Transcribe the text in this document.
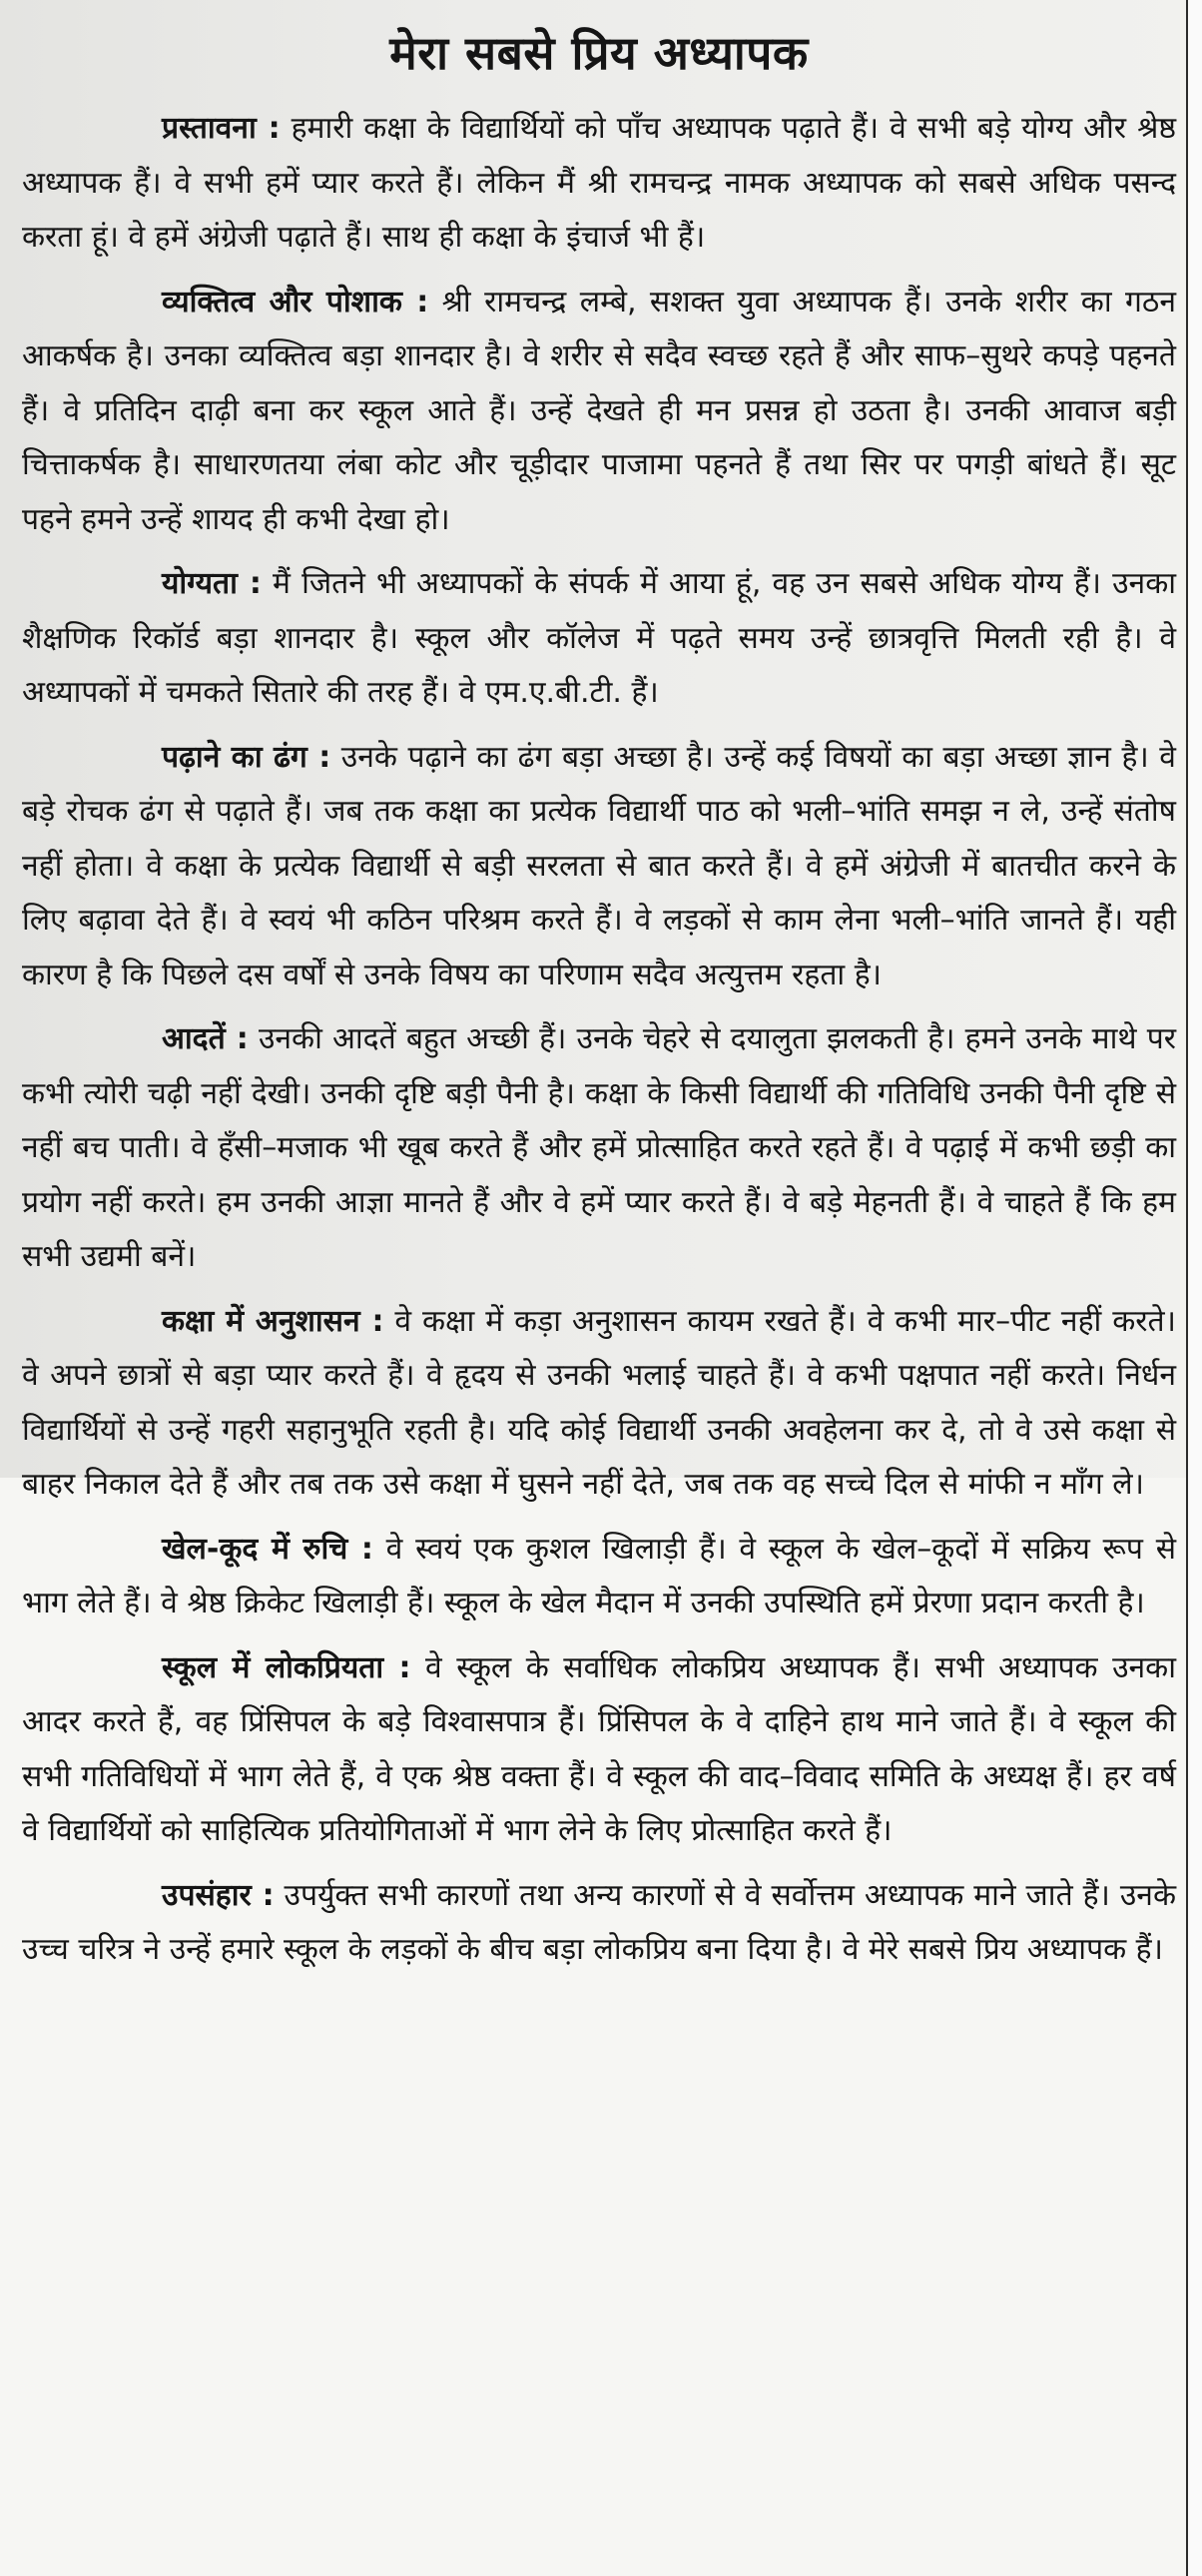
मेरा सबसे प्रिय अध्यापक

प्रस्तावना : हमारी कक्षा के विद्यार्थियों को पाँच अध्यापक पढ़ाते हैं। वे सभी बड़े योग्य और श्रेष्ठ अध्यापक हैं। वे सभी हमें प्यार करते हैं। लेकिन मैं श्री रामचन्द्र नामक अध्यापक को सबसे अधिक पसन्द करता हूं। वे हमें अंग्रेजी पढ़ाते हैं। साथ ही कक्षा के इंचार्ज भी हैं।

व्यक्तित्व और पोशाक : श्री रामचन्द्र लम्बे, सशक्त युवा अध्यापक हैं। उनके शरीर का गठन आकर्षक है। उनका व्यक्तित्व बड़ा शानदार है। वे शरीर से सदैव स्वच्छ रहते हैं और साफ–सुथरे कपड़े पहनते हैं। वे प्रतिदिन दाढ़ी बना कर स्कूल आते हैं। उन्हें देखते ही मन प्रसन्न हो उठता है। उनकी आवाज बड़ी चित्ताकर्षक है। साधारणतया लंबा कोट और चूड़ीदार पाजामा पहनते हैं तथा सिर पर पगड़ी बांधते हैं। सूट पहने हमने उन्हें शायद ही कभी देखा हो।

योग्यता : मैं जितने भी अध्यापकों के संपर्क में आया हूं, वह उन सबसे अधिक योग्य हैं। उनका शैक्षणिक रिकॉर्ड बड़ा शानदार है। स्कूल और कॉलेज में पढ़ते समय उन्हें छात्रवृत्ति मिलती रही है। वे अध्यापकों में चमकते सितारे की तरह हैं। वे एम.ए.बी.टी. हैं।

पढ़ाने का ढंग : उनके पढ़ाने का ढंग बड़ा अच्छा है। उन्हें कई विषयों का बड़ा अच्छा ज्ञान है। वे बड़े रोचक ढंग से पढ़ाते हैं। जब तक कक्षा का प्रत्येक विद्यार्थी पाठ को भली–भांति समझ न ले, उन्हें संतोष नहीं होता। वे कक्षा के प्रत्येक विद्यार्थी से बड़ी सरलता से बात करते हैं। वे हमें अंग्रेजी में बातचीत करने के लिए बढ़ावा देते हैं। वे स्वयं भी कठिन परिश्रम करते हैं। वे लड़कों से काम लेना भली–भांति जानते हैं। यही कारण है कि पिछले दस वर्षों से उनके विषय का परिणाम सदैव अत्युत्तम रहता है।

आदतें : उनकी आदतें बहुत अच्छी हैं। उनके चेहरे से दयालुता झलकती है। हमने उनके माथे पर कभी त्योरी चढ़ी नहीं देखी। उनकी दृष्टि बड़ी पैनी है। कक्षा के किसी विद्यार्थी की गतिविधि उनकी पैनी दृष्टि से नहीं बच पाती। वे हँसी–मजाक भी खूब करते हैं और हमें प्रोत्साहित करते रहते हैं। वे पढ़ाई में कभी छड़ी का प्रयोग नहीं करते। हम उनकी आज्ञा मानते हैं और वे हमें प्यार करते हैं। वे बड़े मेहनती हैं। वे चाहते हैं कि हम सभी उद्यमी बनें।

कक्षा में अनुशासन : वे कक्षा में कड़ा अनुशासन कायम रखते हैं। वे कभी मार–पीट नहीं करते। वे अपने छात्रों से बड़ा प्यार करते हैं। वे हृदय से उनकी भलाई चाहते हैं। वे कभी पक्षपात नहीं करते। निर्धन विद्यार्थियों से उन्हें गहरी सहानुभूति रहती है। यदि कोई विद्यार्थी उनकी अवहेलना कर दे, तो वे उसे कक्षा से बाहर निकाल देते हैं और तब तक उसे कक्षा में घुसने नहीं देते, जब तक वह सच्चे दिल से मांफी न माँग ले।

खेल-कूद में रुचि : वे स्वयं एक कुशल खिलाड़ी हैं। वे स्कूल के खेल–कूदों में सक्रिय रूप से भाग लेते हैं। वे श्रेष्ठ क्रिकेट खिलाड़ी हैं। स्कूल के खेल मैदान में उनकी उपस्थिति हमें प्रेरणा प्रदान करती है।

स्कूल में लोकप्रियता : वे स्कूल के सर्वाधिक लोकप्रिय अध्यापक हैं। सभी अध्यापक उनका आदर करते हैं, वह प्रिंसिपल के बड़े विश्वासपात्र हैं। प्रिंसिपल के वे दाहिने हाथ माने जाते हैं। वे स्कूल की सभी गतिविधियों में भाग लेते हैं, वे एक श्रेष्ठ वक्ता हैं। वे स्कूल की वाद–विवाद समिति के अध्यक्ष हैं। हर वर्ष वे विद्यार्थियों को साहित्यिक प्रतियोगिताओं में भाग लेने के लिए प्रोत्साहित करते हैं।

उपसंहार : उपर्युक्त सभी कारणों तथा अन्य कारणों से वे सर्वोत्तम अध्यापक माने जाते हैं। उनके उच्च चरित्र ने उन्हें हमारे स्कूल के लड़कों के बीच बड़ा लोकप्रिय बना दिया है। वे मेरे सबसे प्रिय अध्यापक हैं।
